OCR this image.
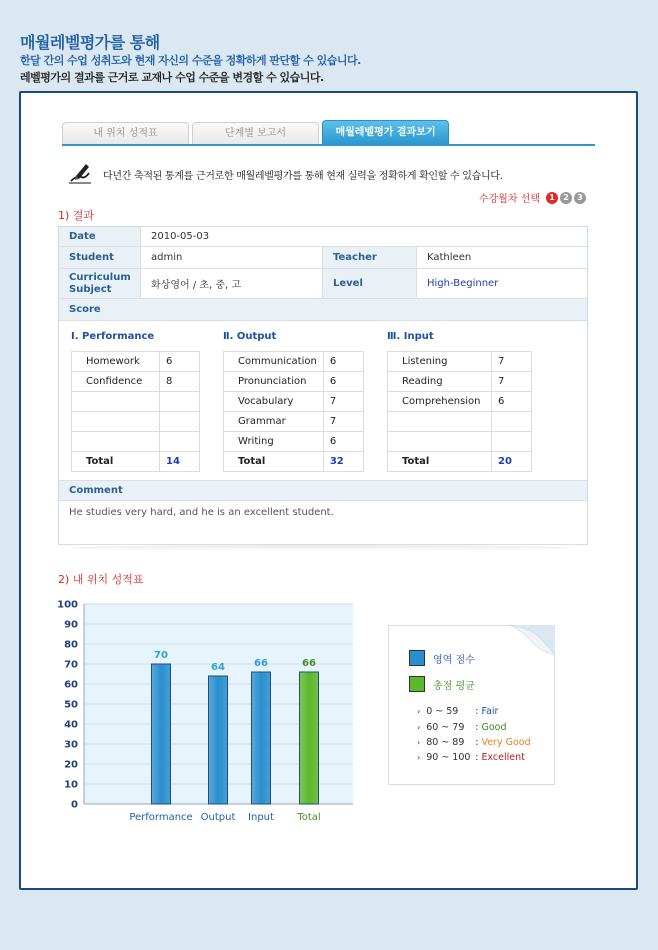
매월레벨평가를 통해
한달 간의 수업 성취도와 현재 자신의 수준을 정확하게 판단할 수 있습니다.
레벨평가의 결과를 근거로 교재나 수업 수준을 변경할 수 있습니다.
내 위치 성적표	단계별 보고서	매월레벨평가 결과보기
다년간 축적된 통계를 근거로한 매월레벨평가를 통해 현재 실력을 정확하게 확인할 수 있습니다.
수강월차 선택	1	2	3
1) 결과
Date	2010-05-03
Student	admin	Teacher	Kathleen
Curriculum Subject	화상영어 / 초, 중, 고	Level	High-Beginner
Score
Ⅰ. Performance
Homework	6
Confidence	8

Total	14
Ⅱ. Output
Communication	6
Pronunciation	6
Vocabulary	7
Grammar	7
Writing	6
Total	32
Ⅲ. Input
Listening	7
Reading	7
Comprehension	6

Total	20
Comment
He studies very hard, and he is an excellent student.
2) 내 위치 성적표
0
10
20
30
40
50
60
70
80
90
100
70
Performance
64
Output
66
Input
66
Total
영역 점수
총점 평균
› 0 ~ 59 : Fair
› 60 ~ 79 : Good
› 80 ~ 89 : Very Good
› 90 ~ 100 : Excellent
